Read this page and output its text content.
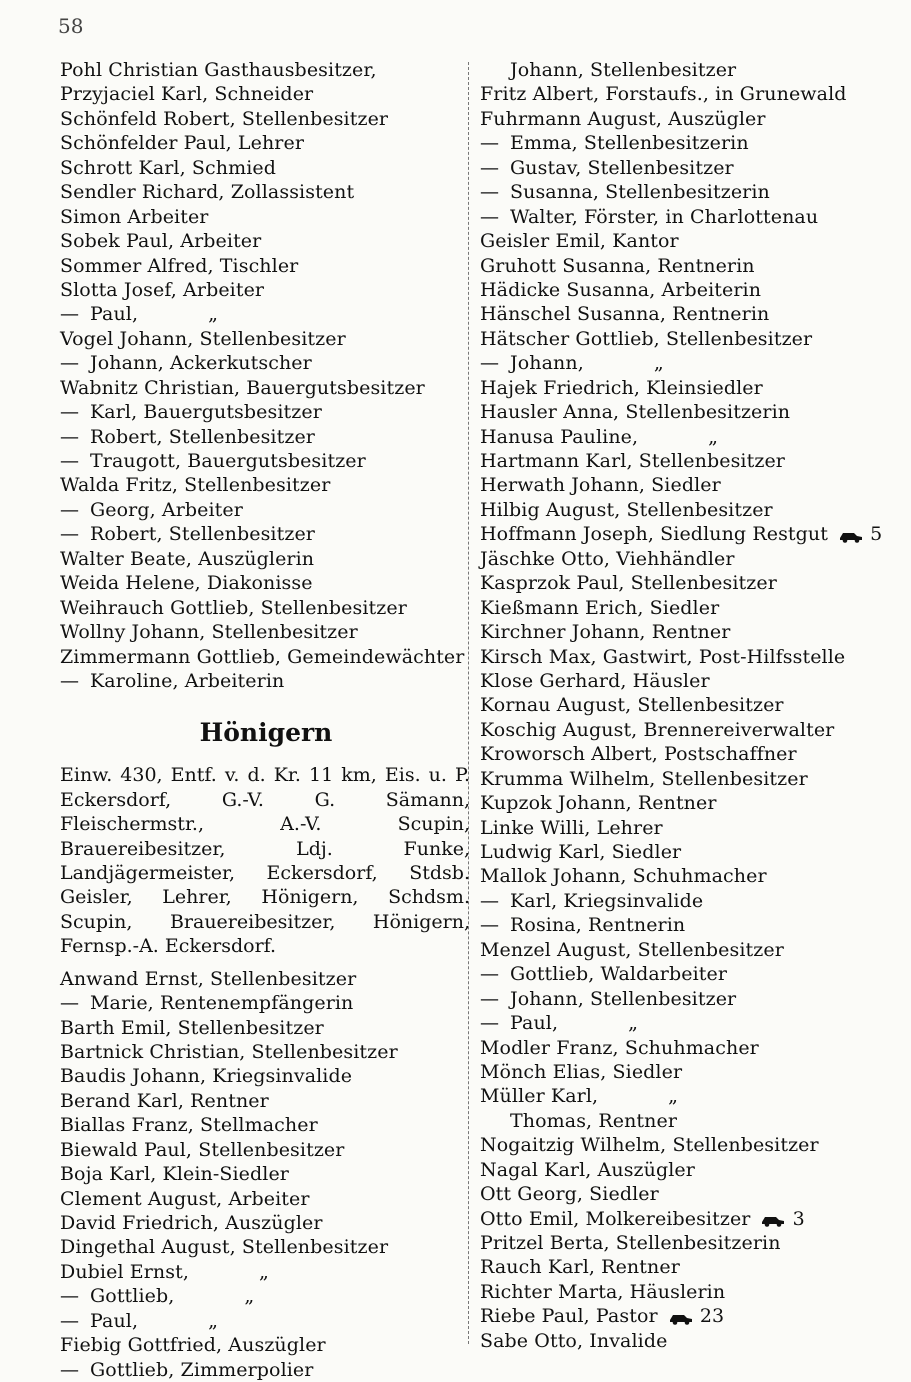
58
Pohl Christian Gasthausbesitzer,
Przyjaciel Karl, Schneider
Schönfeld Robert, Stellenbesitzer
Schönfelder Paul, Lehrer
Schrott Karl, Schmied
Sendler Richard, Zollassistent
Simon Arbeiter
Sobek Paul, Arbeiter
Sommer Alfred, Tischler
Slotta Josef, Arbeiter
— Paul,	„
Vogel Johann, Stellenbesitzer
— Johann, Ackerkutscher
Wabnitz Christian, Bauergutsbesitzer
— Karl, Bauergutsbesitzer
— Robert, Stellenbesitzer
— Traugott, Bauergutsbesitzer
Walda Fritz, Stellenbesitzer
— Georg, Arbeiter
— Robert, Stellenbesitzer
Walter Beate, Auszüglerin
Weida Helene, Diakonisse
Weihrauch Gottlieb, Stellenbesitzer
Wollny Johann, Stellenbesitzer
Zimmermann Gottlieb, Gemeindewächter
— Karoline, Arbeiterin
Hönigern
Einw. 430, Entf. v. d. Kr. 11 km, Eis. u. P. Eckersdorf, G.-V. G. Sämann, Fleischermstr., A.-V. Scupin, Brauereibesitzer, Ldj. Funke, Landjägermeister, Eckersdorf, Stdsb. Geisler, Lehrer, Hönigern, Schdsm. Scupin, Brauereibesitzer, Hönigern, Fernsp.-A. Eckersdorf.
Anwand Ernst, Stellenbesitzer
— Marie, Rentenempfängerin
Barth Emil, Stellenbesitzer
Bartnick Christian, Stellenbesitzer
Baudis Johann, Kriegsinvalide
Berand Karl, Rentner
Biallas Franz, Stellmacher
Biewald Paul, Stellenbesitzer
Boja Karl, Klein-Siedler
Clement August, Arbeiter
David Friedrich, Auszügler
Dingethal August, Stellenbesitzer
Dubiel Ernst,	„
— Gottlieb,	„
— Paul,	„
Fiebig Gottfried, Auszügler
— Gottlieb, Zimmerpolier
Johann, Stellenbesitzer
Fritz Albert, Forstaufs., in Grunewald
Fuhrmann August, Auszügler
— Emma, Stellenbesitzerin
— Gustav, Stellenbesitzer
— Susanna, Stellenbesitzerin
— Walter, Förster, in Charlottenau
Geisler Emil, Kantor
Gruhott Susanna, Rentnerin
Hädicke Susanna, Arbeiterin
Hänschel Susanna, Rentnerin
Hätscher Gottlieb, Stellenbesitzer
— Johann,	„
Hajek Friedrich, Kleinsiedler
Hausler Anna, Stellenbesitzerin
Hanusa Pauline,	„
Hartmann Karl, Stellenbesitzer
Herwath Johann, Siedler
Hilbig August, Stellenbesitzer
Hoffmann Joseph, Siedlung Restgut 5
Jäschke Otto, Viehhändler
Kasprzok Paul, Stellenbesitzer
Kießmann Erich, Siedler
Kirchner Johann, Rentner
Kirsch Max, Gastwirt, Post-Hilfsstelle
Klose Gerhard, Häusler
Kornau August, Stellenbesitzer
Koschig August, Brennereiverwalter
Kroworsch Albert, Postschaffner
Krumma Wilhelm, Stellenbesitzer
Kupzok Johann, Rentner
Linke Willi, Lehrer
Ludwig Karl, Siedler
Mallok Johann, Schuhmacher
— Karl, Kriegsinvalide
— Rosina, Rentnerin
Menzel August, Stellenbesitzer
— Gottlieb, Waldarbeiter
— Johann, Stellenbesitzer
— Paul,	„
Modler Franz, Schuhmacher
Mönch Elias, Siedler
Müller Karl,	„
Thomas, Rentner
Nogaitzig Wilhelm, Stellenbesitzer
Nagal Karl, Auszügler
Ott Georg, Siedler
Otto Emil, Molkereibesitzer 3
Pritzel Berta, Stellenbesitzerin
Rauch Karl, Rentner
Richter Marta, Häuslerin
Riebe Paul, Pastor 23
Sabe Otto, Invalide
